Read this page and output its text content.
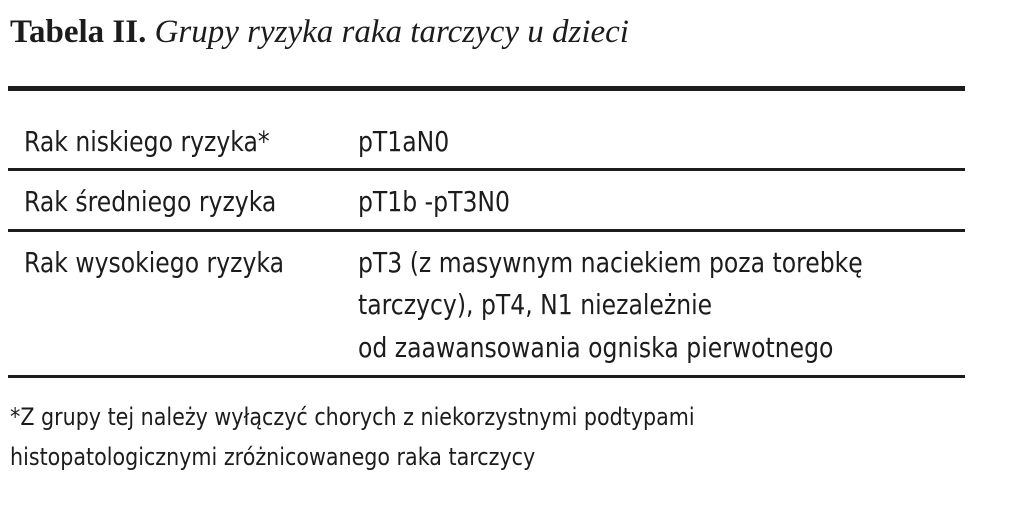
Tabela II. Grupy ryzyka raka tarczycy u dzieci
Rak niskiego ryzyka*	pT1aN0
Rak średniego ryzyka	pT1b -pT3N0
Rak wysokiego ryzyka	pT3 (z masywnym naciekiem poza torebkę
tarczycy), pT4, N1 niezależnie
od zaawansowania ogniska pierwotnego
*Z grupy tej należy wyłączyć chorych z niekorzystnymi podtypami
histopatologicznymi zróżnicowanego raka tarczycy
